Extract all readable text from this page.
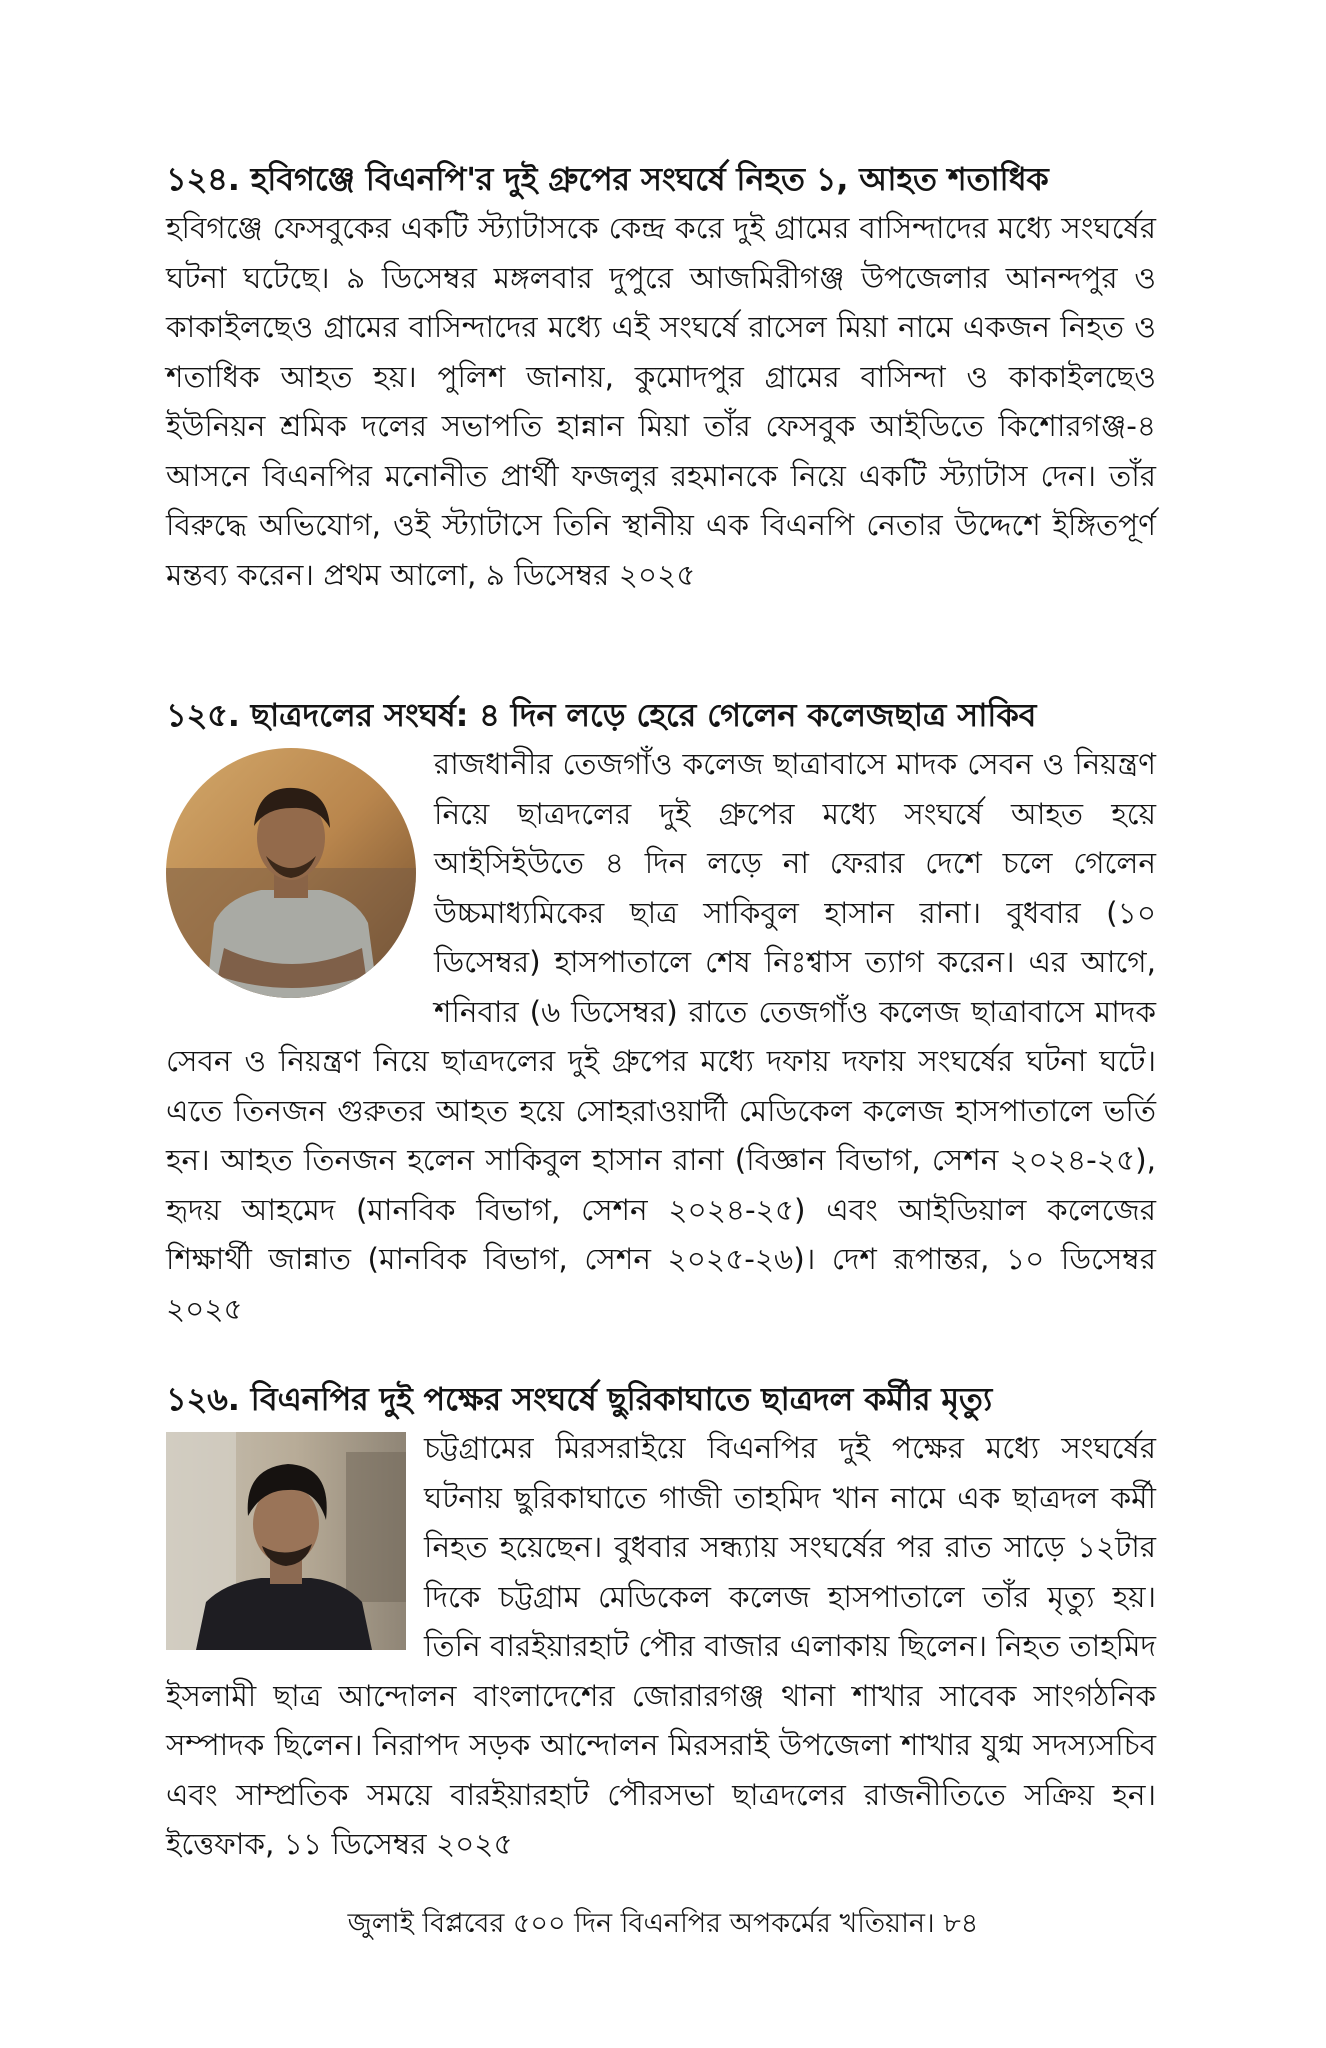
১২৪. হবিগঞ্জে বিএনপি'র দুই গ্রুপের সংঘর্ষে নিহত ১, আহত শতাধিক

হবিগঞ্জে ফেসবুকের একটি স্ট্যাটাসকে কেন্দ্র করে দুই গ্রামের বাসিন্দাদের মধ্যে সংঘর্ষের ঘটনা ঘটেছে। ৯ ডিসেম্বর মঙ্গলবার দুপুরে আজমিরীগঞ্জ উপজেলার আনন্দপুর ও কাকাইলছেও গ্রামের বাসিন্দাদের মধ্যে এই সংঘর্ষে রাসেল মিয়া নামে একজন নিহত ও শতাধিক আহত হয়। পুলিশ জানায়, কুমোদপুর গ্রামের বাসিন্দা ও কাকাইলছেও ইউনিয়ন শ্রমিক দলের সভাপতি হান্নান মিয়া তাঁর ফেসবুক আইডিতে কিশোরগঞ্জ-৪ আসনে বিএনপির মনোনীত প্রার্থী ফজলুর রহমানকে নিয়ে একটি স্ট্যাটাস দেন। তাঁর বিরুদ্ধে অভিযোগ, ওই স্ট্যাটাসে তিনি স্থানীয় এক বিএনপি নেতার উদ্দেশে ইঙ্গিতপূর্ণ মন্তব্য করেন। প্রথম আলো, ৯ ডিসেম্বর ২০২৫

১২৫. ছাত্রদলের সংঘর্ষ: ৪ দিন লড়ে হেরে গেলেন কলেজছাত্র সাকিব

রাজধানীর তেজগাঁও কলেজ ছাত্রাবাসে মাদক সেবন ও নিয়ন্ত্রণ নিয়ে ছাত্রদলের দুই গ্রুপের মধ্যে সংঘর্ষে আহত হয়ে আইসিইউতে ৪ দিন লড়ে না ফেরার দেশে চলে গেলেন উচ্চমাধ্যমিকের ছাত্র সাকিবুল হাসান রানা। বুধবার (১০ ডিসেম্বর) হাসপাতালে শেষ নিঃশ্বাস ত্যাগ করেন। এর আগে, শনিবার (৬ ডিসেম্বর) রাতে তেজগাঁও কলেজ ছাত্রাবাসে মাদক সেবন ও নিয়ন্ত্রণ নিয়ে ছাত্রদলের দুই গ্রুপের মধ্যে দফায় দফায় সংঘর্ষের ঘটনা ঘটে। এতে তিনজন গুরুতর আহত হয়ে সোহরাওয়ার্দী মেডিকেল কলেজ হাসপাতালে ভর্তি হন। আহত তিনজন হলেন সাকিবুল হাসান রানা (বিজ্ঞান বিভাগ, সেশন ২০২৪-২৫), হৃদয় আহমেদ (মানবিক বিভাগ, সেশন ২০২৪-২৫) এবং আইডিয়াল কলেজের শিক্ষার্থী জান্নাত (মানবিক বিভাগ, সেশন ২০২৫-২৬)। দেশ রূপান্তর, ১০ ডিসেম্বর ২০২৫

১২৬. বিএনপির দুই পক্ষের সংঘর্ষে ছুরিকাঘাতে ছাত্রদল কর্মীর মৃত্যু

চট্টগ্রামের মিরসরাইয়ে বিএনপির দুই পক্ষের মধ্যে সংঘর্ষের ঘটনায় ছুরিকাঘাতে গাজী তাহমিদ খান নামে এক ছাত্রদল কর্মী নিহত হয়েছেন। বুধবার সন্ধ্যায় সংঘর্ষের পর রাত সাড়ে ১২টার দিকে চট্টগ্রাম মেডিকেল কলেজ হাসপাতালে তাঁর মৃত্যু হয়। তিনি বারইয়ারহাট পৌর বাজার এলাকায় ছিলেন। নিহত তাহমিদ ইসলামী ছাত্র আন্দোলন বাংলাদেশের জোরারগঞ্জ থানা শাখার সাবেক সাংগঠনিক সম্পাদক ছিলেন। নিরাপদ সড়ক আন্দোলন মিরসরাই উপজেলা শাখার যুগ্ম সদস্যসচিব এবং সাম্প্রতিক সময়ে বারইয়ারহাট পৌরসভা ছাত্রদলের রাজনীতিতে সক্রিয় হন। ইত্তেফাক, ১১ ডিসেম্বর ২০২৫

জুলাই বিপ্লবের ৫০০ দিন বিএনপির অপকর্মের খতিয়ান। ৮৪
